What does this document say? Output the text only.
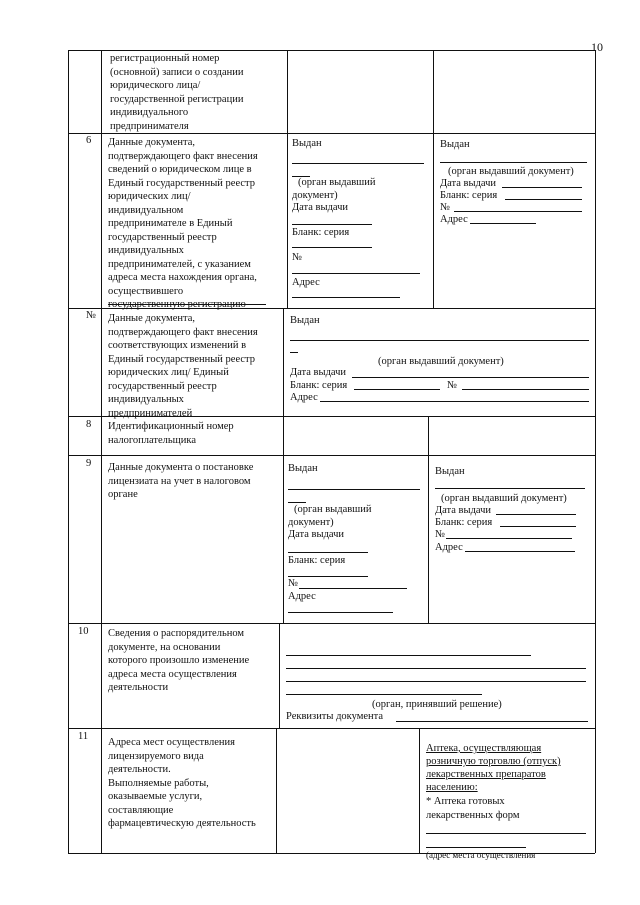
10
регистрационный номер
(основной) записи о создании
юридического лица/
государственной регистрации
индивидуального
предпринимателя
6 Данные документа,
подтверждающего факт внесения
сведений о юридическом лице в
Единый государственный реестр
юридических лиц/
индивидуальном
предпринимателе в Единый
государственный реестр
индивидуальных
предпринимателей, с указанием
адреса места нахождения органа,
осуществившего
государственную регистрацию
Выдан
(орган выдавший
документ)
Дата выдачи
Бланк: серия
№
Адрес
Выдан
(орган выдавший документ)
Дата выдачи
Бланк: серия
№
Адрес
№ Данные документа,
подтверждающего факт внесения
соответствующих изменений в
Единый государственный реестр
юридических лиц/ Единый
государственный реестр
индивидуальных
предпринимателей
Выдан
(орган выдавший документ)
Дата выдачи
Бланк: серия	№
Адрес
8 Идентификационный номер
налогоплательщика
9 Данные документа о постановке
лицензиата на учет в налоговом
органе
Выдан
(орган выдавший
документ)
Дата выдачи
Бланк: серия
№
Адрес
Выдан
(орган выдавший документ)
Дата выдачи
Бланк: серия
№
Адрес
10 Сведения о распорядительном
документе, на основании
которого произошло изменение
адреса места осуществления
деятельности
(орган, принявший решение)
Реквизиты документа
11
Адреса мест осуществления
лицензируемого вида
деятельности.
Выполняемые работы,
оказываемые услуги,
составляющие
фармацевтическую деятельность
Аптека, осуществляющая
розничную торговлю (отпуск)
лекарственных препаратов
населению:
* Аптека готовых
лекарственных форм
(адрес места осуществления
